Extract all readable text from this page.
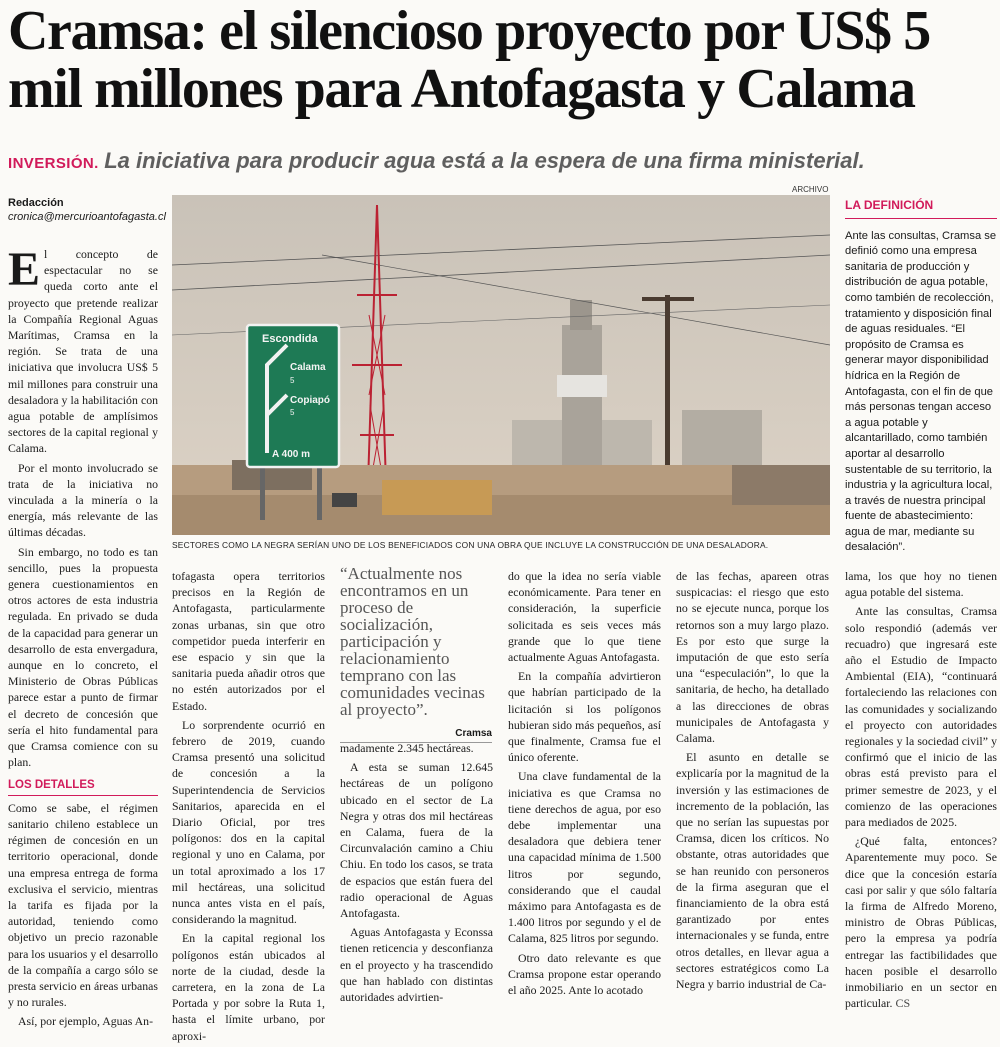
Cramsa: el silencioso proyecto por US$ 5 mil millones para Antofagasta y Calama
INVERSIÓN. La iniciativa para producir agua está a la espera de una firma ministerial.
Redacción
cronica@mercurioantofagasta.cl
ARCHIVO
Escondida
Calama
5
Copiapó
5
A 400 m
SECTORES COMO LA NEGRA SERÍAN UNO DE LOS BENEFICIADOS CON UNA OBRA QUE INCLUYE LA CONSTRUCCIÓN DE UNA DESALADORA.
LA DEFINICIÓN
Ante las consultas, Cramsa se definió como una empresa sanitaria de producción y distribución de agua potable, como también de recolección, tratamiento y disposición final de aguas residuales. “El propósito de Cramsa es generar mayor disponibilidad hídrica en la Región de Antofagasta, con el fin de que más personas tengan acceso a agua potable y alcantarillado, como también aportar al desarrollo sustentable de su territorio, la industria y la agricultura local, a través de nuestra principal fuente de abastecimiento: agua de mar, mediante su desalación”.

El concepto de espectacular no se queda corto ante el proyecto que pretende realizar la Compañía Regional Aguas Marítimas, Cramsa en la región. Se trata de una iniciativa que involucra US$ 5 mil millones para construir una desaladora y la habilitación con agua potable de amplísimos sectores de la capital regional y Calama.

Por el monto involucrado se trata de la iniciativa no vinculada a la minería o la energía, más relevante de las últimas décadas.

Sin embargo, no todo es tan sencillo, pues la propuesta genera cuestionamientos en otros actores de esta industria regulada. En privado se duda de la capacidad para generar un desarrollo de esta envergadura, aunque en lo concreto, el Ministerio de Obras Públicas parece estar a punto de firmar el decreto de concesión que sería el hito fundamental para que Cramsa comience con su plan.

LOS DETALLES

Como se sabe, el régimen sanitario chileno establece un régimen de concesión en un territorio operacional, donde una empresa entrega de forma exclusiva el servicio, mientras la tarifa es fijada por la autoridad, teniendo como objetivo un precio razonable para los usuarios y el desarrollo de la compañía a cargo sólo se presta servicio en áreas urbanas y no rurales.

Así, por ejemplo, Aguas An-

tofagasta opera territorios precisos en la Región de Antofagasta, particularmente zonas urbanas, sin que otro competidor pueda interferir en ese espacio y sin que la sanitaria pueda añadir otros que no estén autorizados por el Estado.

Lo sorprendente ocurrió en febrero de 2019, cuando Cramsa presentó una solicitud de concesión a la Superintendencia de Servicios Sanitarios, aparecida en el Diario Oficial, por tres polígonos: dos en la capital regional y uno en Calama, por un total aproximado a los 17 mil hectáreas, una solicitud nunca antes vista en el país, considerando la magnitud.

En la capital regional los polígonos están ubicados al norte de la ciudad, desde la carretera, en la zona de La Portada y por sobre la Ruta 1, hasta el límite urbano, por aproxi-

“Actualmente nos encontramos en un proceso de socialización, participación y relacionamiento temprano con las comunidades vecinas al proyecto”.
Cramsa

madamente 2.345 hectáreas.

A esta se suman 12.645 hectáreas de un polígono ubicado en el sector de La Negra y otras dos mil hectáreas en Calama, fuera de la Circunvalación camino a Chiu Chiu. En todo los casos, se trata de espacios que están fuera del radio operacional de Aguas Antofagasta.

Aguas Antofagasta y Econssa tienen reticencia y desconfianza en el proyecto y ha trascendido que han hablado con distintas autoridades advirtien-

do que la idea no sería viable económicamente. Para tener en consideración, la superficie solicitada es seis veces más grande que lo que tiene actualmente Aguas Antofagasta.

En la compañía advirtieron que habrían participado de la licitación si los polígonos hubieran sido más pequeños, así que finalmente, Cramsa fue el único oferente.

Una clave fundamental de la iniciativa es que Cramsa no tiene derechos de agua, por eso debe implementar una desaladora que debiera tener una capacidad mínima de 1.500 litros por segundo, considerando que el caudal máximo para Antofagasta es de 1.400 litros por segundo y el de Calama, 825 litros por segundo.

Otro dato relevante es que Cramsa propone estar operando el año 2025. Ante lo acotado

de las fechas, apareen otras suspicacias: el riesgo que esto no se ejecute nunca, porque los retornos son a muy largo plazo. Es por esto que surge la imputación de que esto sería una “especulación”, lo que la sanitaria, de hecho, ha detallado a las direcciones de obras municipales de Antofagasta y Calama.

El asunto en detalle se explicaría por la magnitud de la inversión y las estimaciones de incremento de la población, las que no serían las supuestas por Cramsa, dicen los críticos. No obstante, otras autoridades que se han reunido con personeros de la firma aseguran que el financiamiento de la obra está garantizado por entes internacionales y se funda, entre otros detalles, en llevar agua a sectores estratégicos como La Negra y barrio industrial de Ca-

lama, los que hoy no tienen agua potable del sistema.

Ante las consultas, Cramsa solo respondió (además ver recuadro) que ingresará este año el Estudio de Impacto Ambiental (EIA), “continuará fortaleciendo las relaciones con las comunidades y socializando el proyecto con autoridades regionales y la sociedad civil” y confirmó que el inicio de las obras está previsto para el primer semestre de 2023, y el comienzo de las operaciones para mediados de 2025.

¿Qué falta, entonces? Aparentemente muy poco. Se dice que la concesión estaría casi por salir y que sólo faltaría la firma de Alfredo Moreno, ministro de Obras Públicas, pero la empresa ya podría entregar las factibilidades que hacen posible el desarrollo inmobiliario en un sector en particular. CS
